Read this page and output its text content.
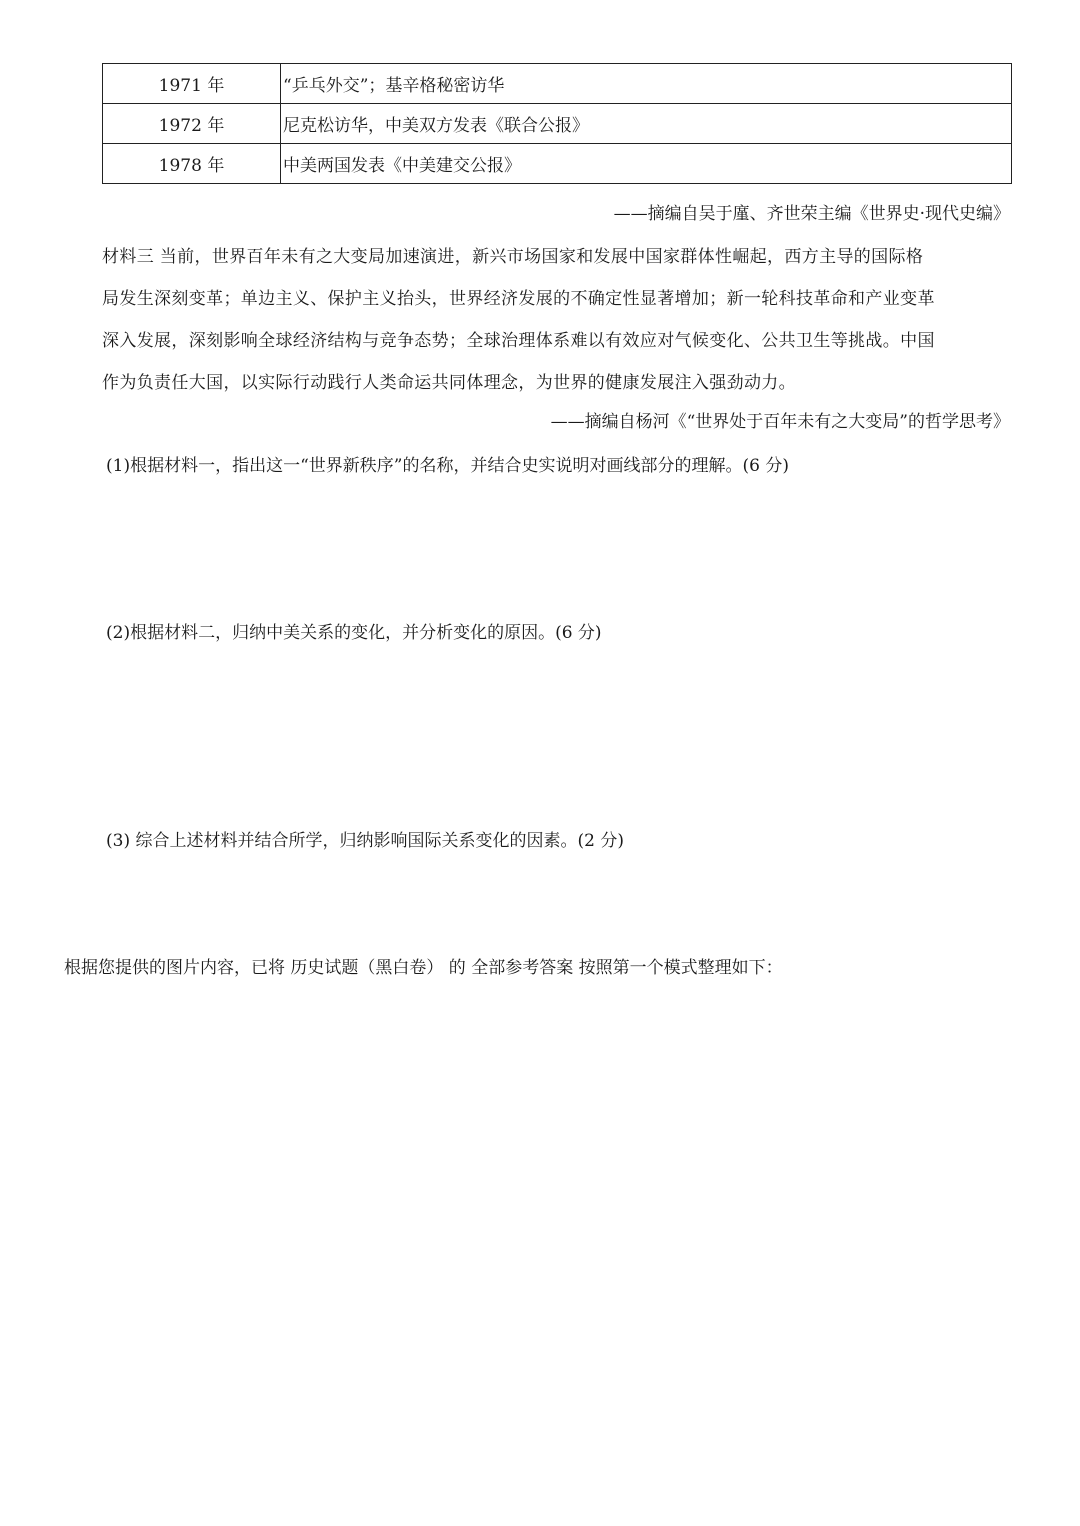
1971 年	“乒乓外交”；基辛格秘密访华
1972 年	尼克松访华，中美双方发表《联合公报》
1978 年	中美两国发表《中美建交公报》
——摘编自吴于廑、齐世荣主编《世界史·现代史编》
材料三 当前，世界百年未有之大变局加速演进，新兴市场国家和发展中国家群体性崛起，西方主导的国际格
局发生深刻变革；单边主义、保护主义抬头，世界经济发展的不确定性显著增加；新一轮科技革命和产业变革
深入发展，深刻影响全球经济结构与竞争态势；全球治理体系难以有效应对气候变化、公共卫生等挑战。中国
作为负责任大国，以实际行动践行人类命运共同体理念，为世界的健康发展注入强劲动力。
——摘编自杨河《“世界处于百年未有之大变局”的哲学思考》
(1)根据材料一，指出这一“世界新秩序”的名称，并结合史实说明对画线部分的理解。(6 分)
(2)根据材料二，归纳中美关系的变化，并分析变化的原因。(6 分)
(3) 综合上述材料并结合所学，归纳影响国际关系变化的因素。(2 分)
根据您提供的图片内容，已将 历史试题（黑白卷） 的 全部参考答案 按照第一个模式整理如下：
